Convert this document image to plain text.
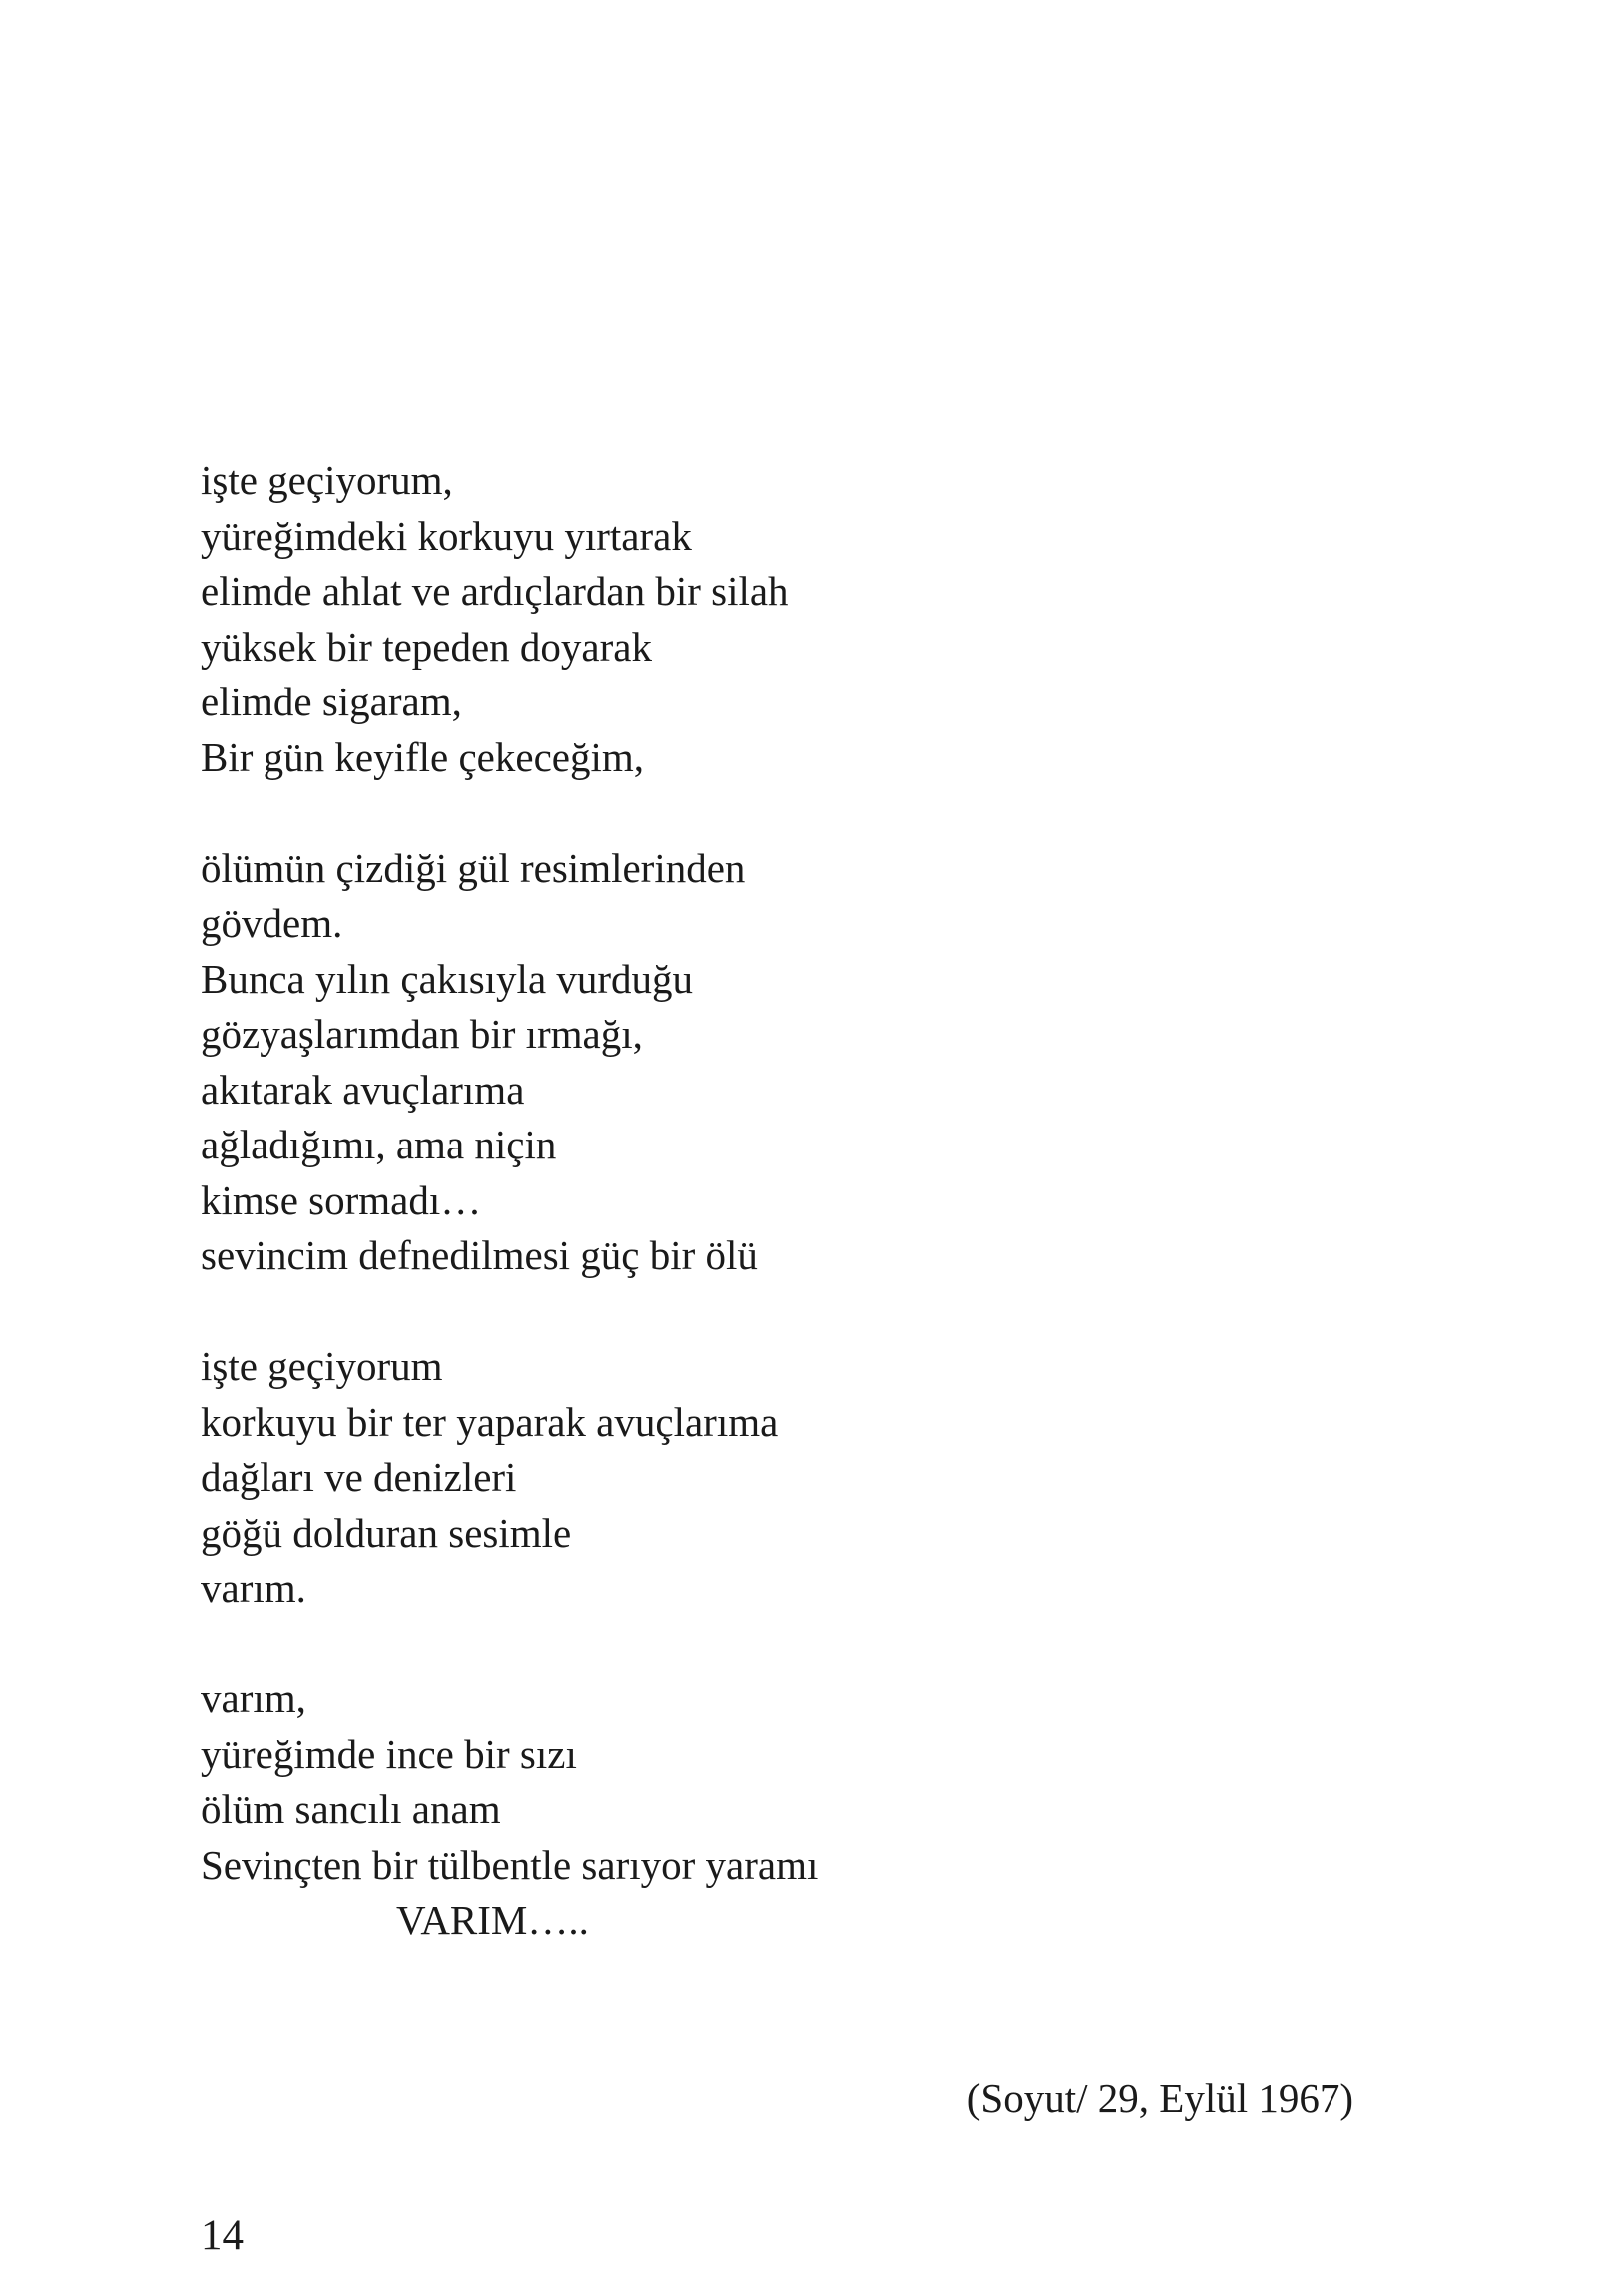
işte geçiyorum,
yüreğimdeki korkuyu yırtarak
elimde ahlat ve ardıçlardan bir silah
yüksek bir tepeden doyarak
elimde sigaram,
Bir gün keyifle çekeceğim,
ölümün çizdiği gül resimlerinden
gövdem.
Bunca yılın çakısıyla vurduğu
gözyaşlarımdan bir ırmağı,
akıtarak avuçlarıma
ağladığımı, ama niçin
kimse sormadı…
sevincim defnedilmesi güç bir ölü
işte geçiyorum
korkuyu bir ter yaparak avuçlarıma
dağları ve denizleri
göğü dolduran sesimle
varım.
varım,
yüreğimde ince bir sızı
ölüm sancılı anam
Sevinçten bir tülbentle sarıyor yaramı
VARIM…..
(Soyut/ 29, Eylül 1967)
14
